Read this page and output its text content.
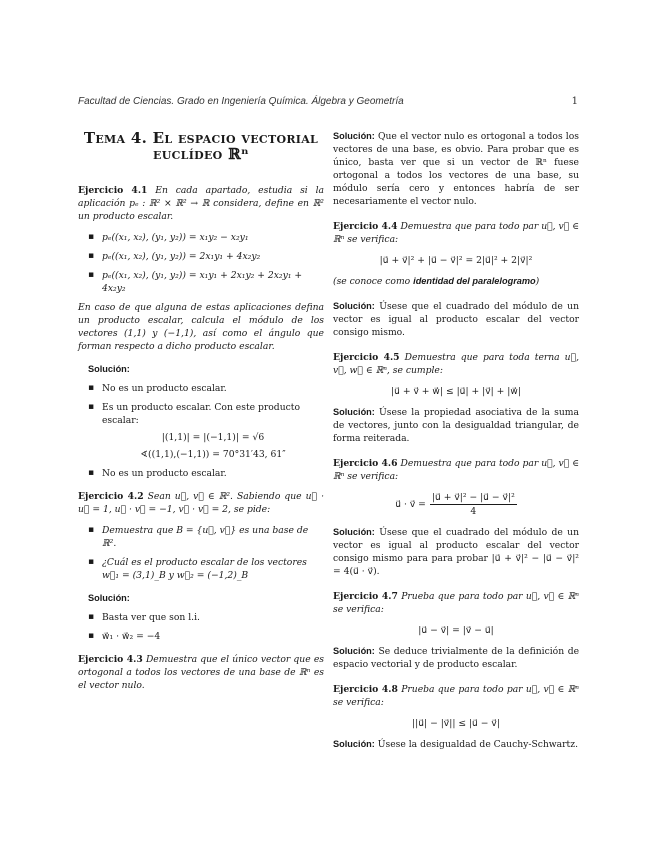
Facultad de Ciencias. Grado en Ingeniería Química. Álgebra y Geometría	1
Tema 4. El espacio vectorial euclídeo ℝⁿ

Ejercicio 4.1 En cada apartado, estudia si la aplicación pₑ : ℝ² × ℝ² → ℝ considera, define en ℝ² un producto escalar.

▪ pₑ((x₁, x₂), (y₁, y₂)) = x₁y₂ − x₂y₁
▪ pₑ((x₁, x₂), (y₁, y₂)) = 2x₁y₁ + 4x₂y₂
▪ pₑ((x₁, x₂), (y₁, y₂)) = x₁y₁ + 2x₁y₂ + 2x₂y₁ + 4x₂y₂

En caso de que alguna de estas aplicaciones defina un producto escalar, calcula el módulo de los vectores (1,1) y (−1,1), así como el ángulo que forman respecto a dicho producto escalar.

Solución:

▪ No es un producto escalar.
▪ Es un producto escalar. Con este producto escalar:
|(1,1)| = |(−1,1)| = √6
∢((1,1),(−1,1)) = 70°31′43, 61″
▪ No es un producto escalar.

Ejercicio 4.2 Sean u⃗, v⃗ ∈ ℝ². Sabiendo que u⃗ · u⃗ = 1, u⃗ · v⃗ = −1, v⃗ · v⃗ = 2, se pide:

▪ Demuestra que B = {u⃗, v⃗} es una base de ℝ².
▪ ¿Cuál es el producto escalar de los vectores w⃗₁ = (3,1)_B y w⃗₂ = (−1,2)_B

Solución:

▪ Basta ver que son l.i.
▪ w⃗₁ · w⃗₂ = −4

Ejercicio 4.3 Demuestra que el único vector que es ortogonal a todos los vectores de una base de ℝⁿ es el vector nulo.

Solución: Que el vector nulo es ortogonal a todos los vectores de una base, es obvio. Para probar que es único, basta ver que si un vector de ℝⁿ fuese ortogonal a todos los vectores de una base, su módulo sería cero y entonces habría de ser necesariamente el vector nulo.

Ejercicio 4.4 Demuestra que para todo par u⃗, v⃗ ∈ ℝⁿ se verifica:

|u⃗ + v⃗|² + |u⃗ − v⃗|² = 2|u⃗|² + 2|v⃗|²

(se conoce como identidad del paralelogramo)

Solución: Úsese que el cuadrado del módulo de un vector es igual al producto escalar del vector consigo mismo.

Ejercicio 4.5 Demuestra que para toda terna u⃗, v⃗, w⃗ ∈ ℝⁿ, se cumple:

|u⃗ + v⃗ + w⃗| ≤ |u⃗| + |v⃗| + |w⃗|

Solución: Úsese la propiedad asociativa de la suma de vectores, junto con la desigualdad triangular, de forma reiterada.

Ejercicio 4.6 Demuestra que para todo par u⃗, v⃗ ∈ ℝⁿ se verifica:

u⃗ · v⃗ = $\frac{\text{|u⃗ + v⃗|² − |u⃗ − v⃗|²}}{4}$

Solución: Úsese que el cuadrado del módulo de un vector es igual al producto escalar del vector consigo mismo para para probar |u⃗ + v⃗|² − |u⃗ − v⃗|² = 4(u⃗ · v⃗).

Ejercicio 4.7 Prueba que para todo par u⃗, v⃗ ∈ ℝⁿ se verifica:

|u⃗ − v⃗| = |v⃗ − u⃗|

Solución: Se deduce trivialmente de la definición de espacio vectorial y de producto escalar.

Ejercicio 4.8 Prueba que para todo par u⃗, v⃗ ∈ ℝⁿ se verifica:

||u⃗| − |v⃗|| ≤ |u⃗ − v⃗|

Solución: Úsese la desigualdad de Cauchy-Schwartz.
